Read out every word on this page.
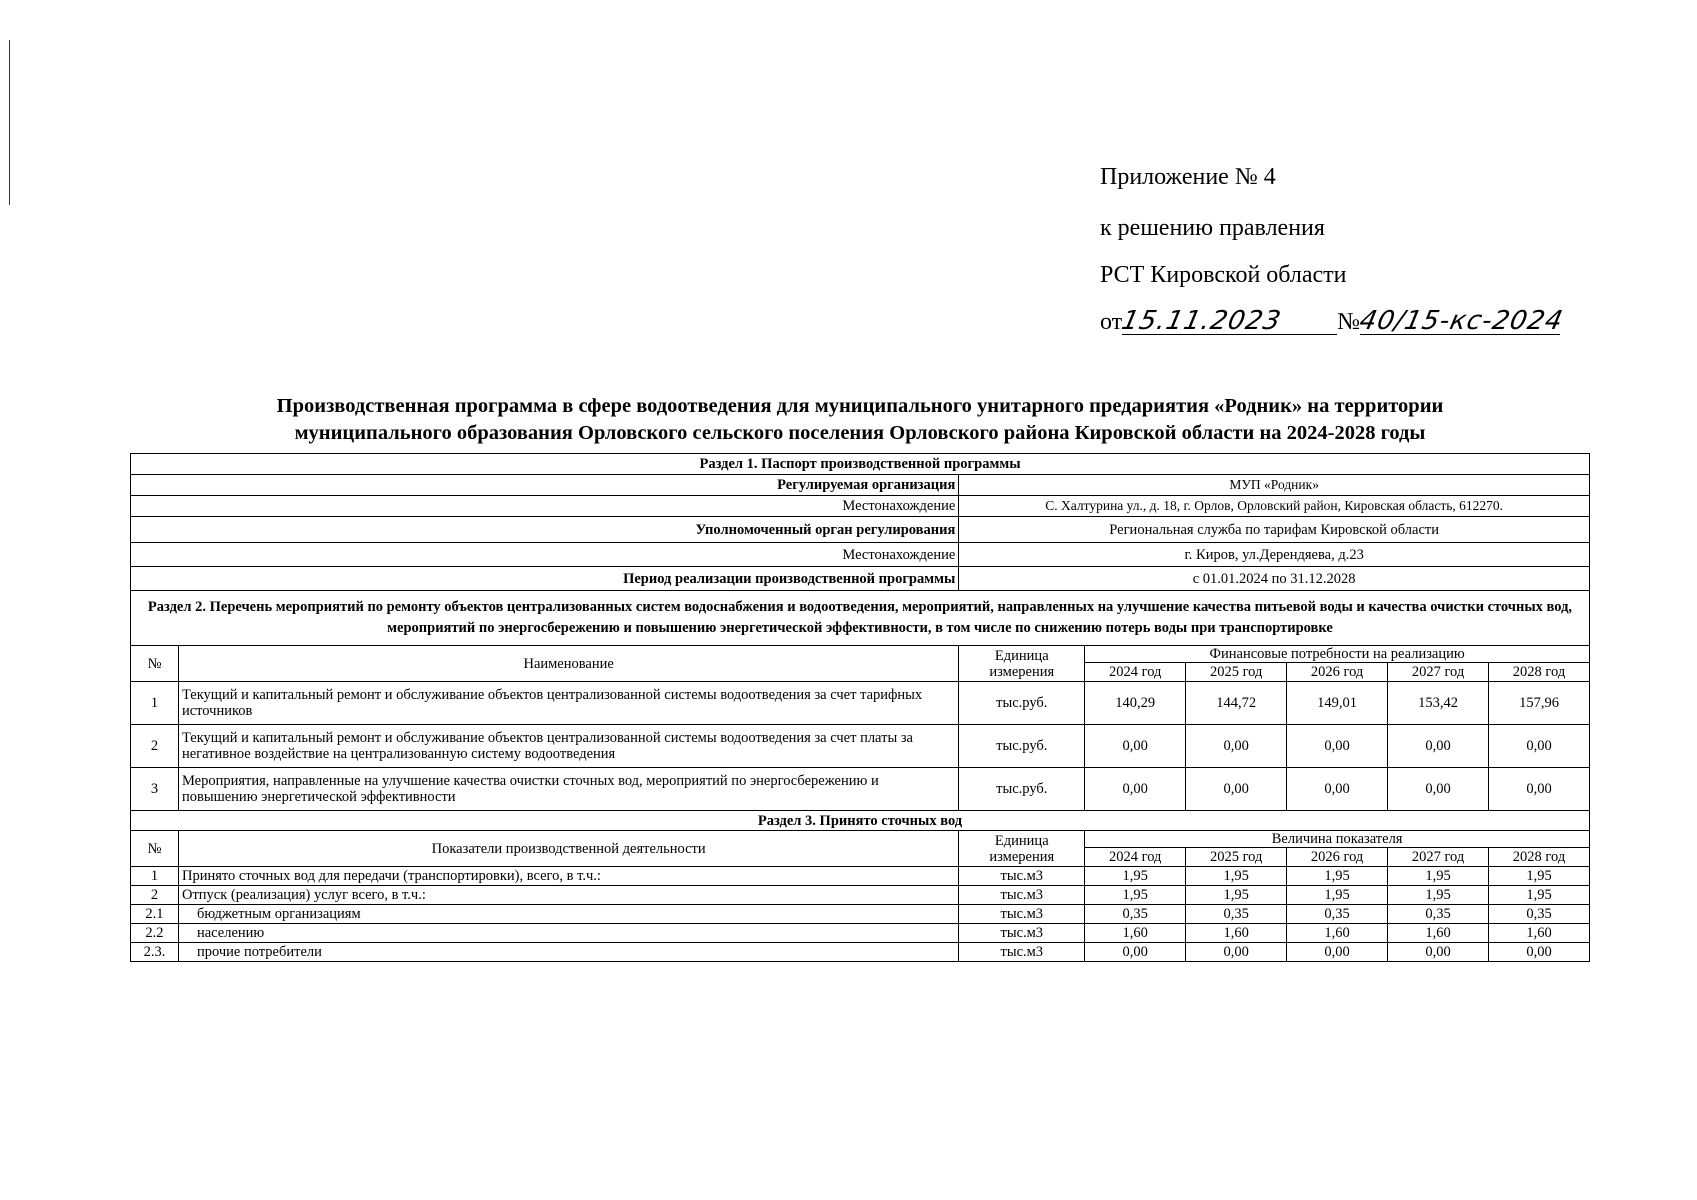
Приложение № 4
к решению правления
РСТ Кировской области
от15.11.2023 №40/15-кс-2024
Производственная программа в сфере водоотведения для муниципального унитарного предариятия «Родник» на территории
муниципального образования Орловского сельского поселения Орловского района Кировской области на 2024-2028 годы
Раздел 1. Паспорт производственной программы							
Регулируемая организация		МУП «Родник»					
Местонахождение		С. Халтурина ул., д. 18, г. Орлов, Орловский район, Кировская область, 612270.					
Уполномоченный орган регулирования		Региональная служба по тарифам Кировской области					
Местонахождение		г. Киров, ул.Дерендяева, д.23					
Период реализации производственной программы		с 01.01.2024 по 31.12.2028					
Раздел 2. Перечень мероприятий по ремонту объектов централизованных систем водоснабжения и водоотведения, мероприятий, направленных на улучшение качества питьевой воды и качества очистки сточных вод, мероприятий по энергосбережению и повышению энергетической эффективности, в том числе по снижению потерь воды при транспортировке							
№	Наименование	Единица измерения	Финансовые потребности на реализацию				
			2024 год	2025 год	2026 год	2027 год	2028 год
1	Текущий и капитальный ремонт и обслуживание объектов централизованной системы водоотведения за счет тарифных источников	тыс.руб.	140,29	144,72	149,01	153,42	157,96
2	Текущий и капитальный ремонт и обслуживание объектов централизованной системы водоотведения за счет платы за негативное воздействие на централизованную систему водоотведения	тыс.руб.	0,00	0,00	0,00	0,00	0,00
3	Мероприятия, направленные на улучшение качества очистки сточных вод, мероприятий по энергосбережению и повышению энергетической эффективности	тыс.руб.	0,00	0,00	0,00	0,00	0,00
Раздел 3. Принято сточных вод							
№	Показатели производственной деятельности	Единица измерения	Величина показателя				
			2024 год	2025 год	2026 год	2027 год	2028 год
1	Принято сточных вод для передачи (транспортировки), всего, в т.ч.:	тыс.м3	1,95	1,95	1,95	1,95	1,95
2	Отпуск (реализация) услуг всего, в т.ч.:	тыс.м3	1,95	1,95	1,95	1,95	1,95
2.1	бюджетным организациям	тыс.м3	0,35	0,35	0,35	0,35	0,35
2.2	населению	тыс.м3	1,60	1,60	1,60	1,60	1,60
2.3.	прочие потребители	тыс.м3	0,00	0,00	0,00	0,00	0,00
